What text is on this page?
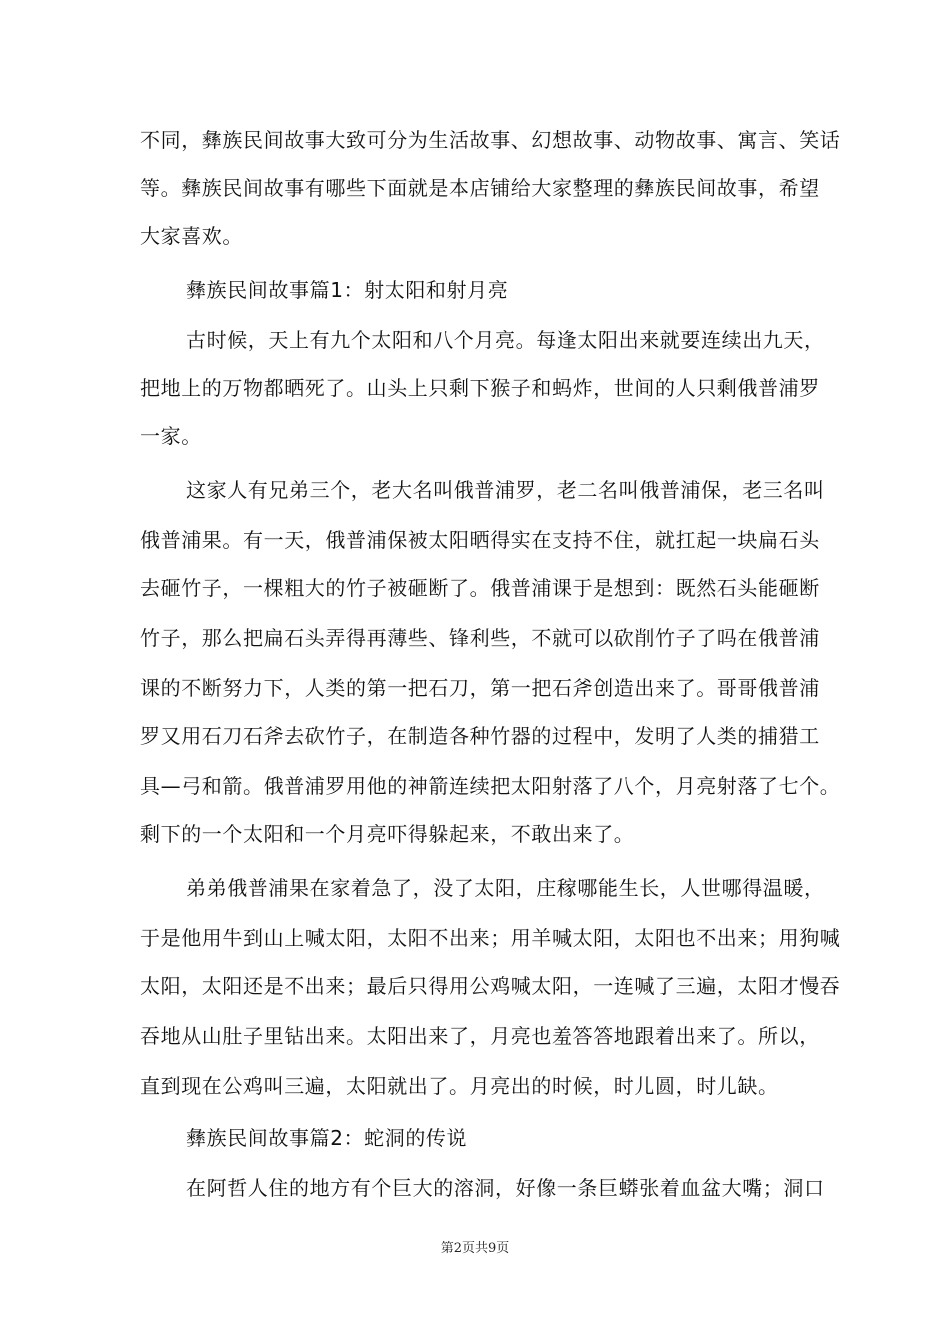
不同，彝族民间故事大致可分为生活故事、幻想故事、动物故事、寓言、笑话
等。彝族民间故事有哪些下面就是本店铺给大家整理的彝族民间故事，希望
大家喜欢。
彝族民间故事篇1：射太阳和射月亮
古时候，天上有九个太阳和八个月亮。每逢太阳出来就要连续出九天，
把地上的万物都晒死了。山头上只剩下猴子和蚂炸，世间的人只剩俄普浦罗
一家。
这家人有兄弟三个，老大名叫俄普浦罗，老二名叫俄普浦保，老三名叫
俄普浦果。有一天，俄普浦保被太阳晒得实在支持不住，就扛起一块扁石头
去砸竹子，一棵粗大的竹子被砸断了。俄普浦课于是想到：既然石头能砸断
竹子，那么把扁石头弄得再薄些、锋利些，不就可以砍削竹子了吗在俄普浦
课的不断努力下，人类的第一把石刀，第一把石斧创造出来了。哥哥俄普浦
罗又用石刀石斧去砍竹子，在制造各种竹器的过程中，发明了人类的捕猎工
具—弓和箭。俄普浦罗用他的神箭连续把太阳射落了八个，月亮射落了七个。
剩下的一个太阳和一个月亮吓得躲起来，不敢出来了。
弟弟俄普浦果在家着急了，没了太阳，庄稼哪能生长，人世哪得温暖，
于是他用牛到山上喊太阳，太阳不出来；用羊喊太阳，太阳也不出来；用狗喊
太阳，太阳还是不出来；最后只得用公鸡喊太阳，一连喊了三遍，太阳才慢吞
吞地从山肚子里钻出来。太阳出来了，月亮也羞答答地跟着出来了。所以，
直到现在公鸡叫三遍，太阳就出了。月亮出的时候，时儿圆，时儿缺。
彝族民间故事篇2：蛇洞的传说
在阿哲人住的地方有个巨大的溶洞，好像一条巨蟒张着血盆大嘴；洞口
第2页共9页
